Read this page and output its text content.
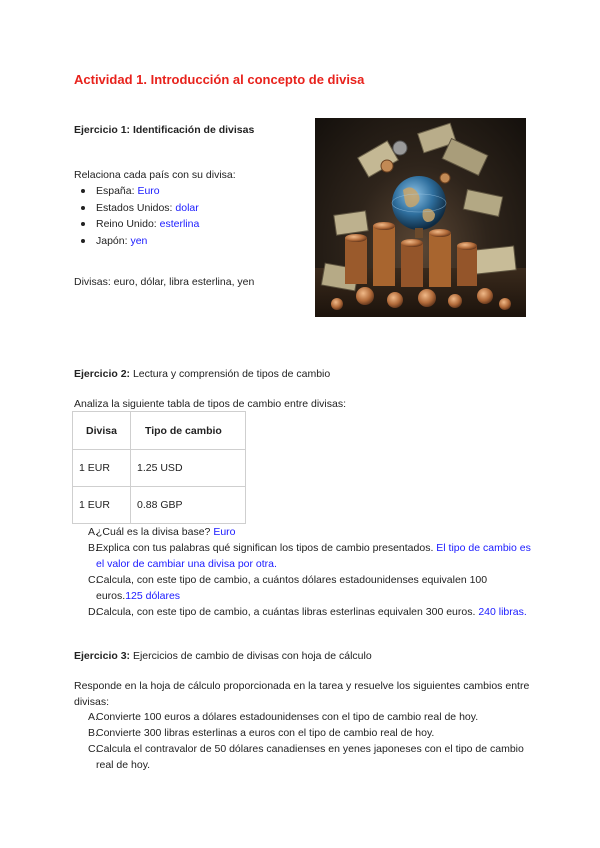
Actividad 1. Introducción al concepto de divisa
Ejercicio 1: Identificación de divisas
Relaciona cada país con su divisa:
España: Euro
Estados Unidos: dolar
Reino Unido: esterlina
Japón: yen
Divisas: euro, dólar, libra esterlina, yen
Ejercicio 2: Lectura y comprensión de tipos de cambio
Analiza la siguiente tabla de tipos de cambio entre divisas:
Divisa	Tipo de cambio
1 EUR	1.25 USD
1 EUR	0.88 GBP
A.
¿Cuál es la divisa base? Euro
B.
Explica con tus palabras qué significan los tipos de cambio presentados. El tipo de cambio es el valor de cambiar una divisa por otra.
C.
Calcula, con este tipo de cambio, a cuántos dólares estadounidenses equivalen 100 euros.125 dólares
D.
Calcula, con este tipo de cambio, a cuántas libras esterlinas equivalen 300 euros. 240 libras.
Ejercicio 3: Ejercicios de cambio de divisas con hoja de cálculo
Responde en la hoja de cálculo proporcionada en la tarea y resuelve los siguientes cambios entre divisas:
A.
Convierte 100 euros a dólares estadounidenses con el tipo de cambio real de hoy.
B.
Convierte 300 libras esterlinas a euros con el tipo de cambio real de hoy.
C.
Calcula el contravalor de 50 dólares canadienses en yenes japoneses con el tipo de cambio real de hoy.
